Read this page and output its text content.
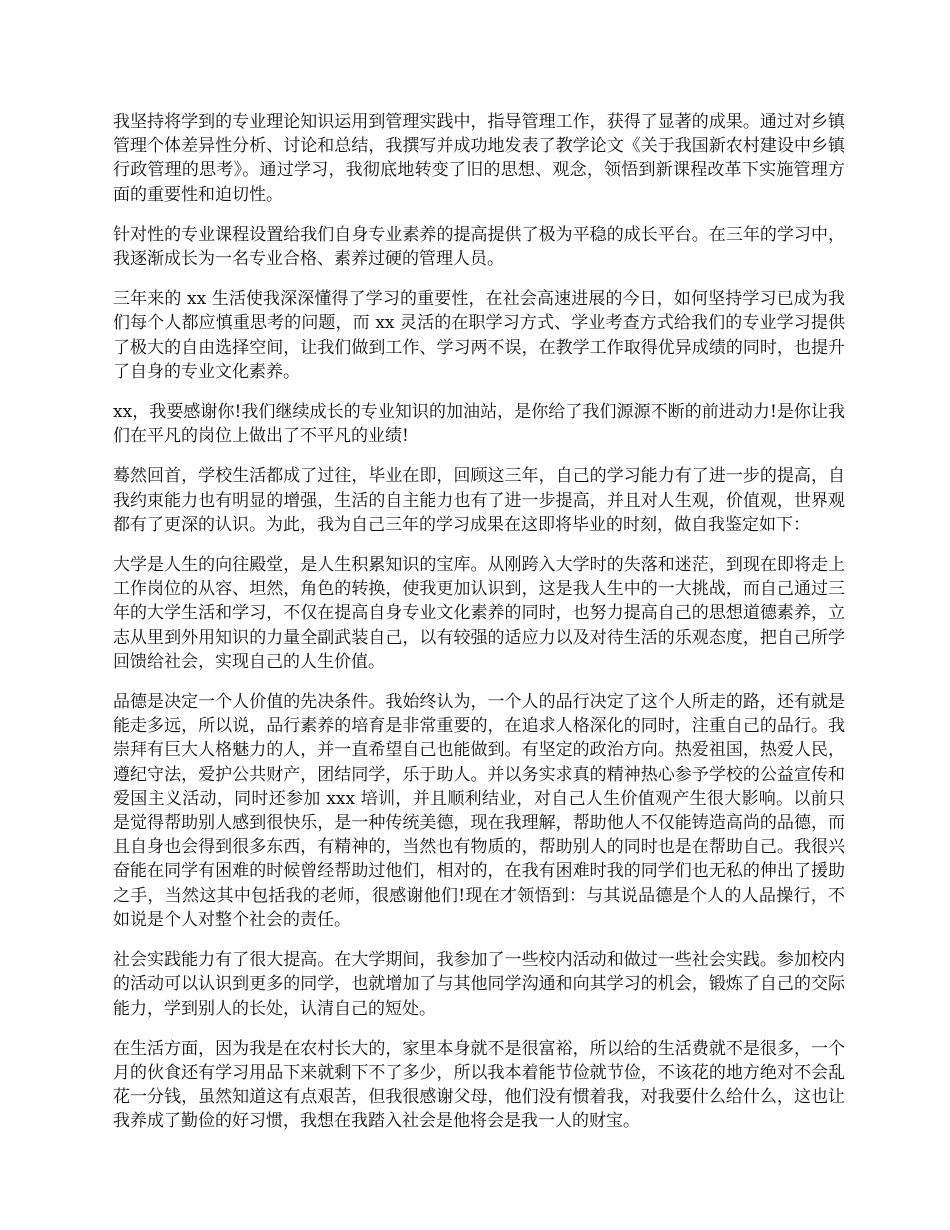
我坚持将学到的专业理论知识运用到管理实践中，指导管理工作，获得了显著的成果。通过对乡镇管理个体差异性分析、讨论和总结，我撰写并成功地发表了教学论文《关于我国新农村建设中乡镇行政管理的思考》。通过学习，我彻底地转变了旧的思想、观念，领悟到新课程改革下实施管理方面的重要性和迫切性。

针对性的专业课程设置给我们自身专业素养的提高提供了极为平稳的成长平台。在三年的学习中，我逐渐成长为一名专业合格、素养过硬的管理人员。

三年来的 xx 生活使我深深懂得了学习的重要性，在社会高速进展的今日，如何坚持学习已成为我们每个人都应慎重思考的问题，而 xx 灵活的在职学习方式、学业考查方式给我们的专业学习提供了极大的自由选择空间，让我们做到工作、学习两不误，在教学工作取得优异成绩的同时，也提升了自身的专业文化素养。

xx，我要感谢你!我们继续成长的专业知识的加油站，是你给了我们源源不断的前进动力!是你让我们在平凡的岗位上做出了不平凡的业绩!

蓦然回首，学校生活都成了过往，毕业在即，回顾这三年，自己的学习能力有了进一步的提高，自我约束能力也有明显的增强，生活的自主能力也有了进一步提高，并且对人生观，价值观，世界观都有了更深的认识。为此，我为自己三年的学习成果在这即将毕业的时刻，做自我鉴定如下：

大学是人生的向往殿堂，是人生积累知识的宝库。从刚跨入大学时的失落和迷茫，到现在即将走上工作岗位的从容、坦然，角色的转换，使我更加认识到，这是我人生中的一大挑战，而自己通过三年的大学生活和学习，不仅在提高自身专业文化素养的同时，也努力提高自己的思想道德素养，立志从里到外用知识的力量全副武装自己，以有较强的适应力以及对待生活的乐观态度，把自己所学回馈给社会，实现自己的人生价值。

品德是决定一个人价值的先决条件。我始终认为，一个人的品行决定了这个人所走的路，还有就是能走多远，所以说，品行素养的培育是非常重要的，在追求人格深化的同时，注重自己的品行。我崇拜有巨大人格魅力的人，并一直希望自己也能做到。有坚定的政治方向。热爱祖国，热爱人民，遵纪守法，爱护公共财产，团结同学，乐于助人。并以务实求真的精神热心参予学校的公益宣传和爱国主义活动，同时还参加 xxx 培训，并且顺利结业，对自己人生价值观产生很大影响。以前只是觉得帮助别人感到很快乐，是一种传统美德，现在我理解，帮助他人不仅能铸造高尚的品德，而且自身也会得到很多东西，有精神的，当然也有物质的，帮助别人的同时也是在帮助自己。我很兴奋能在同学有困难的时候曾经帮助过他们，相对的，在我有困难时我的同学们也无私的伸出了援助之手，当然这其中包括我的老师，很感谢他们!现在才领悟到：与其说品德是个人的人品操行，不如说是个人对整个社会的责任。

社会实践能力有了很大提高。在大学期间，我参加了一些校内活动和做过一些社会实践。参加校内的活动可以认识到更多的同学，也就增加了与其他同学沟通和向其学习的机会，锻炼了自己的交际能力，学到别人的长处，认清自己的短处。

在生活方面，因为我是在农村长大的，家里本身就不是很富裕，所以给的生活费就不是很多，一个月的伙食还有学习用品下来就剩下不了多少，所以我本着能节俭就节俭，不该花的地方绝对不会乱花一分钱，虽然知道这有点艰苦，但我很感谢父母，他们没有惯着我，对我要什么给什么，这也让我养成了勤俭的好习惯，我想在我踏入社会是他将会是我一人的财宝。
